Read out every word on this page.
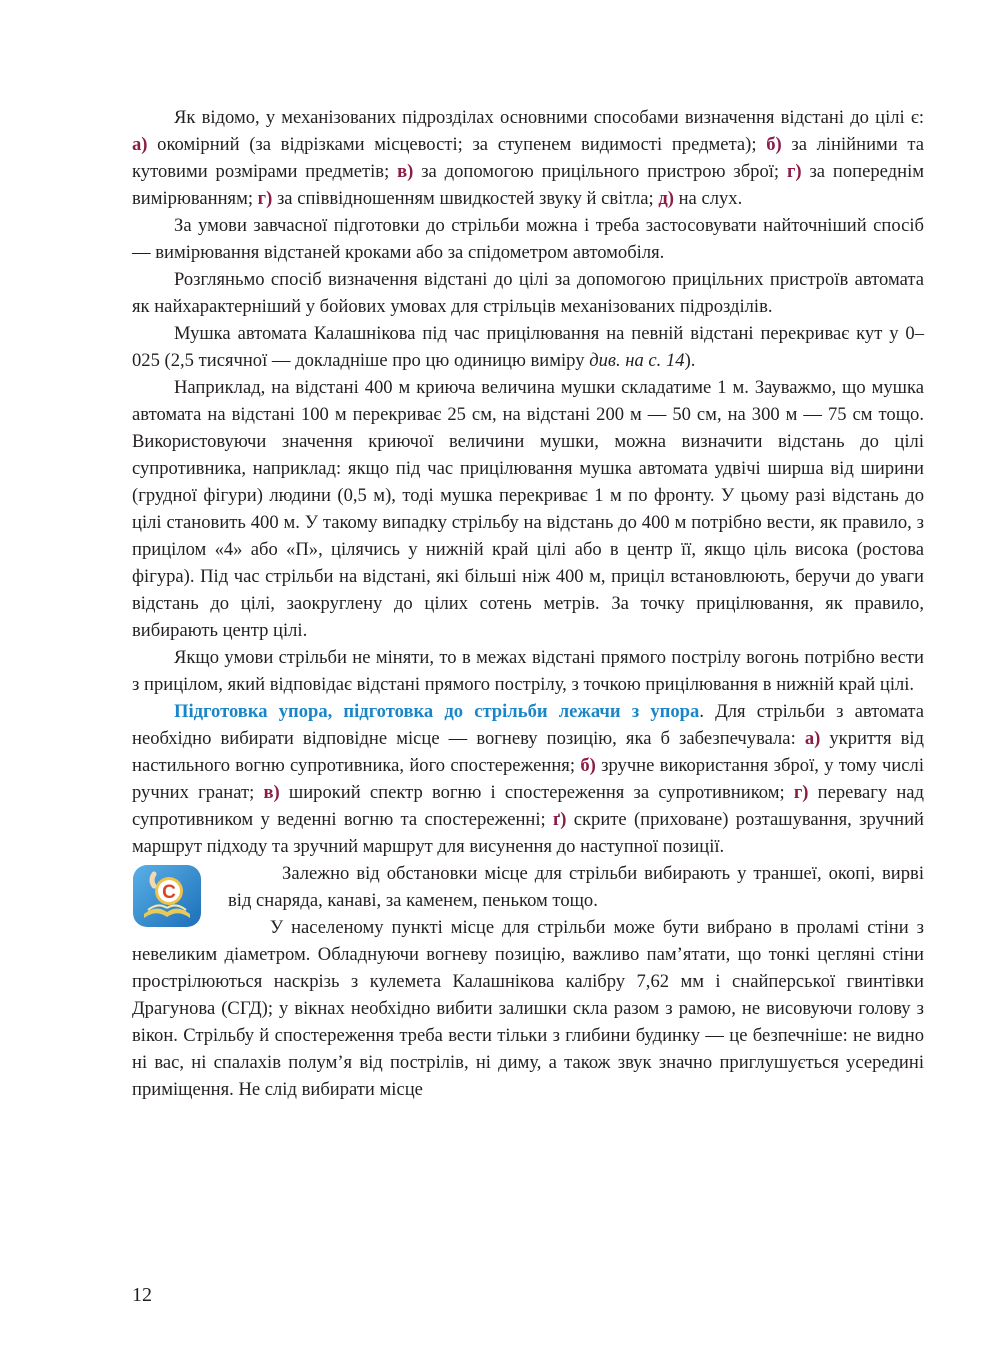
Як відомо, у механізованих підрозділах основними способами визначення відстані до цілі є: а) окомірний (за відрізками місцевості; за ступенем видимості предмета); б) за лінійними та кутовими розмірами предметів; в) за допомогою прицільного пристрою зброї; г) за попереднім вимірюванням; г) за співвідношенням швидкостей звуку й світла; д) на слух.

За умови завчасної підготовки до стрільби можна і треба застосовувати найточніший спосіб — вимірювання відстаней кроками або за спідометром автомобіля.

Розгляньмо спосіб визначення відстані до цілі за допомогою прицільних пристроїв автомата як найхарактерніший у бойових умовах для стрільців механізованих підрозділів.

Мушка автомата Калашнікова під час прицілювання на певній відстані перекриває кут у 0–025 (2,5 тисячної — докладніше про цю одиницю виміру див. на с. 14).

Наприклад, на відстані 400 м криюча величина мушки складатиме 1 м. Зауважмо, що мушка автомата на відстані 100 м перекриває 25 см, на відстані 200 м — 50 см, на 300 м — 75 см тощо. Використовуючи значення криючої величини мушки, можна визначити відстань до цілі супротивника, наприклад: якщо під час прицілювання мушка автомата удвічі ширша від ширини (грудної фігури) людини (0,5 м), тоді мушка перекриває 1 м по фронту. У цьому разі відстань до цілі становить 400 м. У такому випадку стрільбу на відстань до 400 м потрібно вести, як правило, з прицілом «4» або «П», цілячись у нижній край цілі або в центр її, якщо ціль висока (ростова фігура). Під час стрільби на відстані, які більші ніж 400 м, приціл встановлюють, беручи до уваги відстань до цілі, заокруглену до цілих сотень метрів. За точку прицілювання, як правило, вибирають центр цілі.

Якщо умови стрільби не міняти, то в межах відстані прямого пострілу вогонь потрібно вести з прицілом, який відповідає відстані прямого пострілу, з точкою прицілювання в нижній край цілі.

Підготовка упора, підготовка до стрільби лежачи з упора. Для стрільби з автомата необхідно вибирати відповідне місце — вогневу позицію, яка б забезпечувала: а) укриття від настильного вогню супротивника, його спостереження; б) зручне використання зброї, у тому числі ручних гранат; в) широкий спектр вогню і спостереження за супротивником; г) перевагу над супротивником у веденні вогню та спостереженні; ґ) скрите (приховане) розташування, зручний маршрут підходу та зручний маршрут для висунення до наступної позиції.

C
Залежно від обстановки місце для стрільби вибирають у траншеї, окопі, вирві від снаряда, канаві, за каменем, пеньком тощо.

У населеному пункті місце для стрільби може бути вибрано в проламі стіни з невеликим діаметром. Обладнуючи вогневу позицію, важливо пам’ятати, що тонкі цегляні стіни прострілюються наскрізь з кулемета Калашнікова калібру 7,62 мм і снайперської гвинтівки Драгунова (СГД); у вікнах необхідно вибити залишки скла разом з рамою, не висовуючи голову з вікон. Стрільбу й спостереження треба вести тільки з глибини будинку — це безпечніше: не видно ні вас, ні спалахів полум’я від пострілів, ні диму, а також звук значно приглушується усередині приміщення. Не слід вибирати місце

12
